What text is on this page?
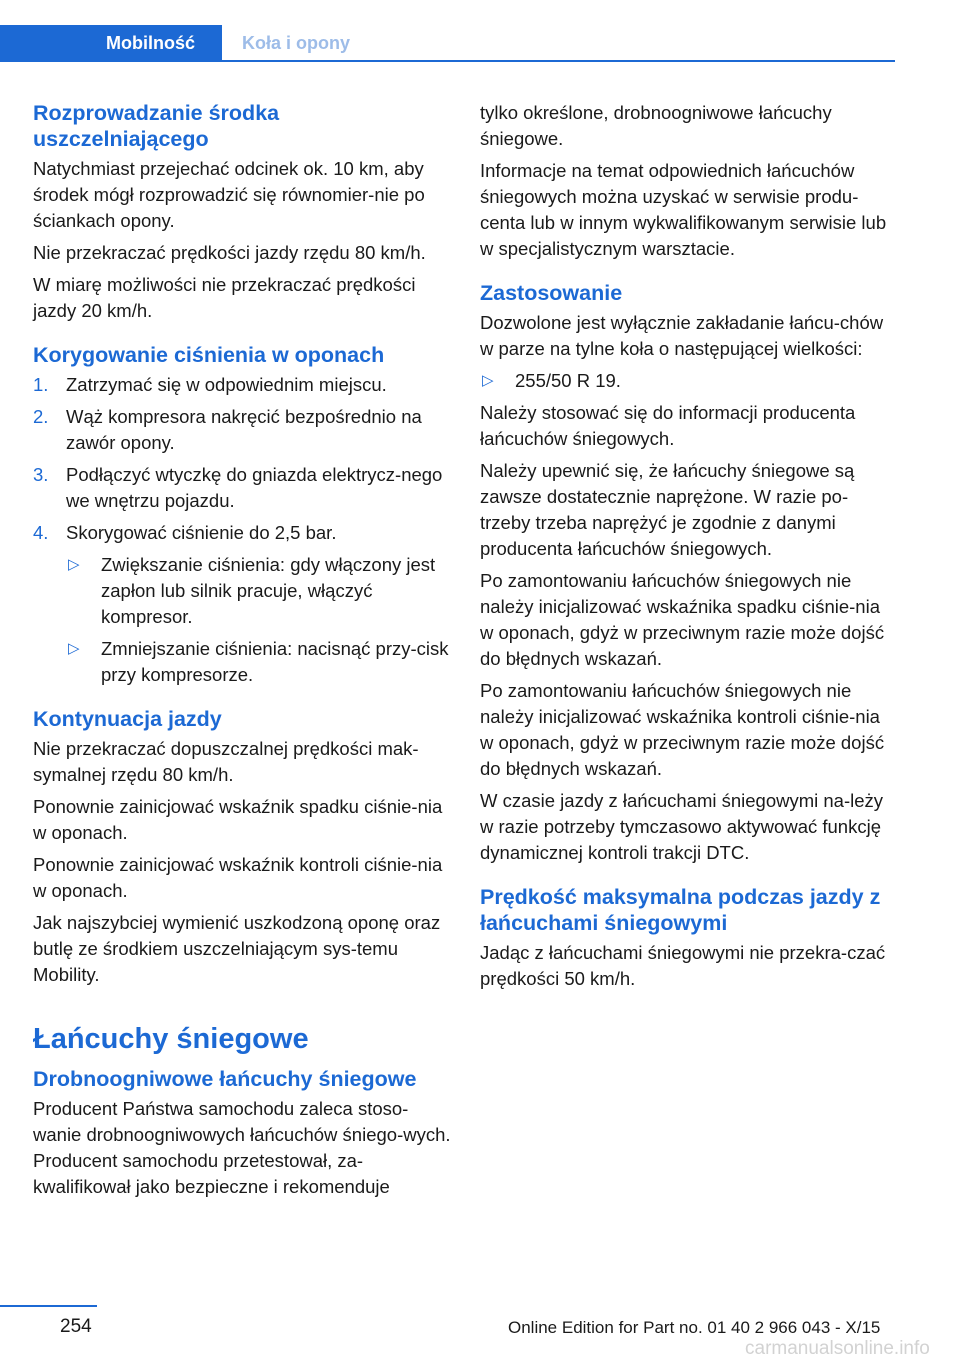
Mobilność	Koła i opony
Rozprowadzanie środka uszczelniającego

Natychmiast przejechać odcinek ok. 10 km, aby środek mógł rozprowadzić się równomier‐nie po ściankach opony.

Nie przekraczać prędkości jazdy rzędu 80 km/h.

W miarę możliwości nie przekraczać prędkości jazdy 20 km/h.

Korygowanie ciśnienia w oponach
1. Zatrzymać się w odpowiednim miejscu.
2. Wąż kompresora nakręcić bezpośrednio na zawór opony.
3. Podłączyć wtyczkę do gniazda elektrycz‐nego we wnętrzu pojazdu.
4. Skorygować ciśnienie do 2,5 bar.
▷ Zwiększanie ciśnienia: gdy włączony jest zapłon lub silnik pracuje, włączyć kompresor.
▷ Zmniejszanie ciśnienia: nacisnąć przy‐cisk przy kompresorze.
Kontynuacja jazdy

Nie przekraczać dopuszczalnej prędkości mak‐symalnej rzędu 80 km/h.

Ponownie zainicjować wskaźnik spadku ciśnie‐nia w oponach.

Ponownie zainicjować wskaźnik kontroli ciśnie‐nia w oponach.

Jak najszybciej wymienić uszkodzoną oponę oraz butlę ze środkiem uszczelniającym sys‐temu Mobility.

Łańcuchy śniegowe
Drobnoogniwowe łańcuchy śniegowe

Producent Państwa samochodu zaleca stoso‐wanie drobnoogniwowych łańcuchów śniego‐wych. Producent samochodu przetestował, za‐kwalifikował jako bezpieczne i rekomenduje

tylko określone, drobnoogniwowe łańcuchy śniegowe.

Informacje na temat odpowiednich łańcuchów śniegowych można uzyskać w serwisie produ‐centa lub w innym wykwalifikowanym serwisie lub w specjalistycznym warsztacie.

Zastosowanie

Dozwolone jest wyłącznie zakładanie łańcu‐chów w parze na tylne koła o następującej wielkości:

▷ 255/50 R 19.

Należy stosować się do informacji producenta łańcuchów śniegowych.

Należy upewnić się, że łańcuchy śniegowe są zawsze dostatecznie naprężone. W razie po‐trzeby trzeba naprężyć je zgodnie z danymi producenta łańcuchów śniegowych.

Po zamontowaniu łańcuchów śniegowych nie należy inicjalizować wskaźnika spadku ciśnie‐nia w oponach, gdyż w przeciwnym razie może dojść do błędnych wskazań.

Po zamontowaniu łańcuchów śniegowych nie należy inicjalizować wskaźnika kontroli ciśnie‐nia w oponach, gdyż w przeciwnym razie może dojść do błędnych wskazań.

W czasie jazdy z łańcuchami śniegowymi na‐leży w razie potrzeby tymczasowo aktywować funkcję dynamicznej kontroli trakcji DTC.

Prędkość maksymalna podczas jazdy z łańcuchami śniegowymi

Jadąc z łańcuchami śniegowymi nie przekra‐czać prędkości 50 km/h.

254	Online Edition for Part no. 01 40 2 966 043 - X/15
carmanualsonline.info
